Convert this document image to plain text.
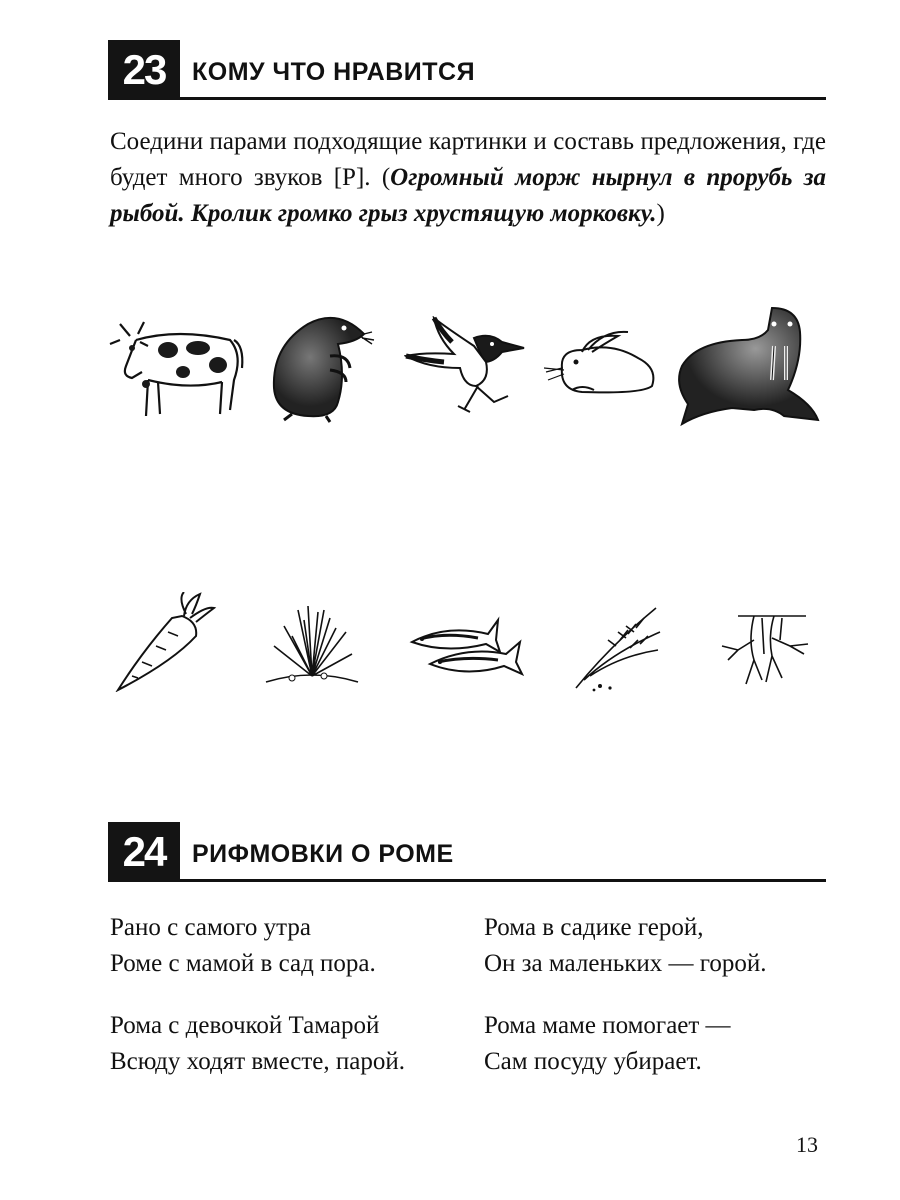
23	КОМУ ЧТО НРАВИТСЯ
Соедини парами подходящие картинки и составь предложения, где будет много звуков [Р]. (Огромный морж нырнул в прорубь за рыбой. Кролик громко грыз хрустящую морковку.)
24	РИФМОВКИ О РОМЕ
Рано с самого утра
Роме с мамой в сад пора.
Рома в садике герой,
Он за маленьких — горой.
Рома с девочкой Тамарой
Всюду ходят вместе, парой.
Рома маме помогает —
Сам посуду убирает.
13
